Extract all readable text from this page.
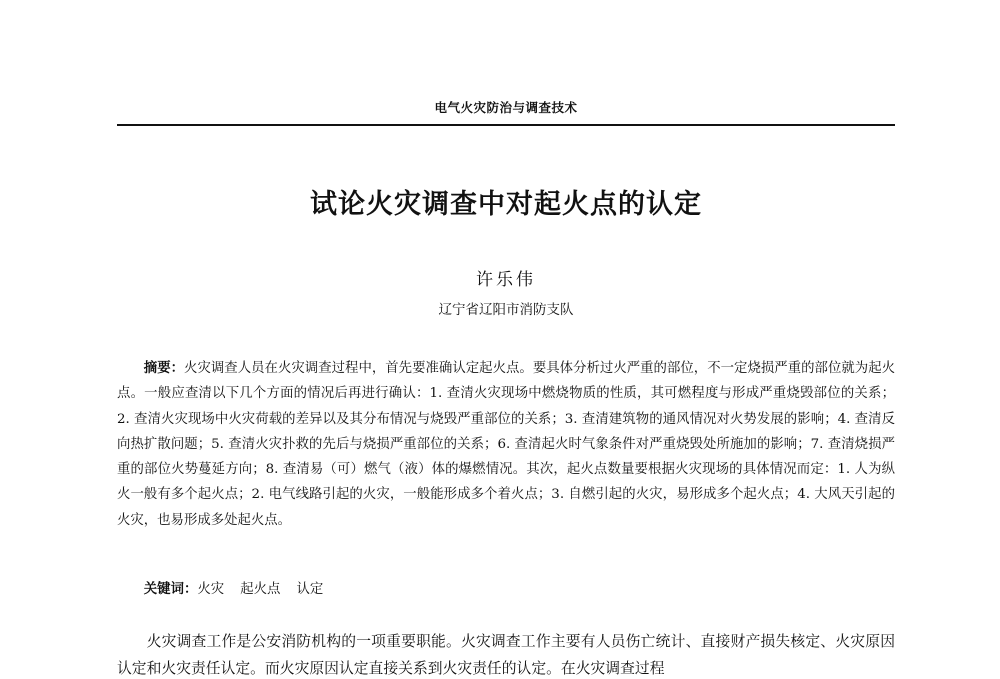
电气火灾防治与调查技术
试论火灾调查中对起火点的认定
许乐伟
辽宁省辽阳市消防支队

摘要：火灾调查人员在火灾调查过程中，首先要准确认定起火点。要具体分析过火严重的部位，不一定烧损严重的部位就为起火点。一般应查清以下几个方面的情况后再进行确认：1. 查清火灾现场中燃烧物质的性质，其可燃程度与形成严重烧毁部位的关系；2. 查清火灾现场中火灾荷载的差异以及其分布情况与烧毁严重部位的关系；3. 查清建筑物的通风情况对火势发展的影响；4. 查清反向热扩散问题；5. 查清火灾扑救的先后与烧损严重部位的关系；6. 查清起火时气象条件对严重烧毁处所施加的影响；7. 查清烧损严重的部位火势蔓延方向；8. 查清易（可）燃气（液）体的爆燃情况。其次，起火点数量要根据火灾现场的具体情况而定：1. 人为纵火一般有多个起火点；2. 电气线路引起的火灾，一般能形成多个着火点；3. 自燃引起的火灾，易形成多个起火点；4. 大风天引起的火灾，也易形成多处起火点。

关键词：火灾 起火点 认定

火灾调查工作是公安消防机构的一项重要职能。火灾调查工作主要有人员伤亡统计、直接财产损失核定、火灾原因认定和火灾责任认定。而火灾原因认定直接关系到火灾责任的认定。在火灾调查过程
